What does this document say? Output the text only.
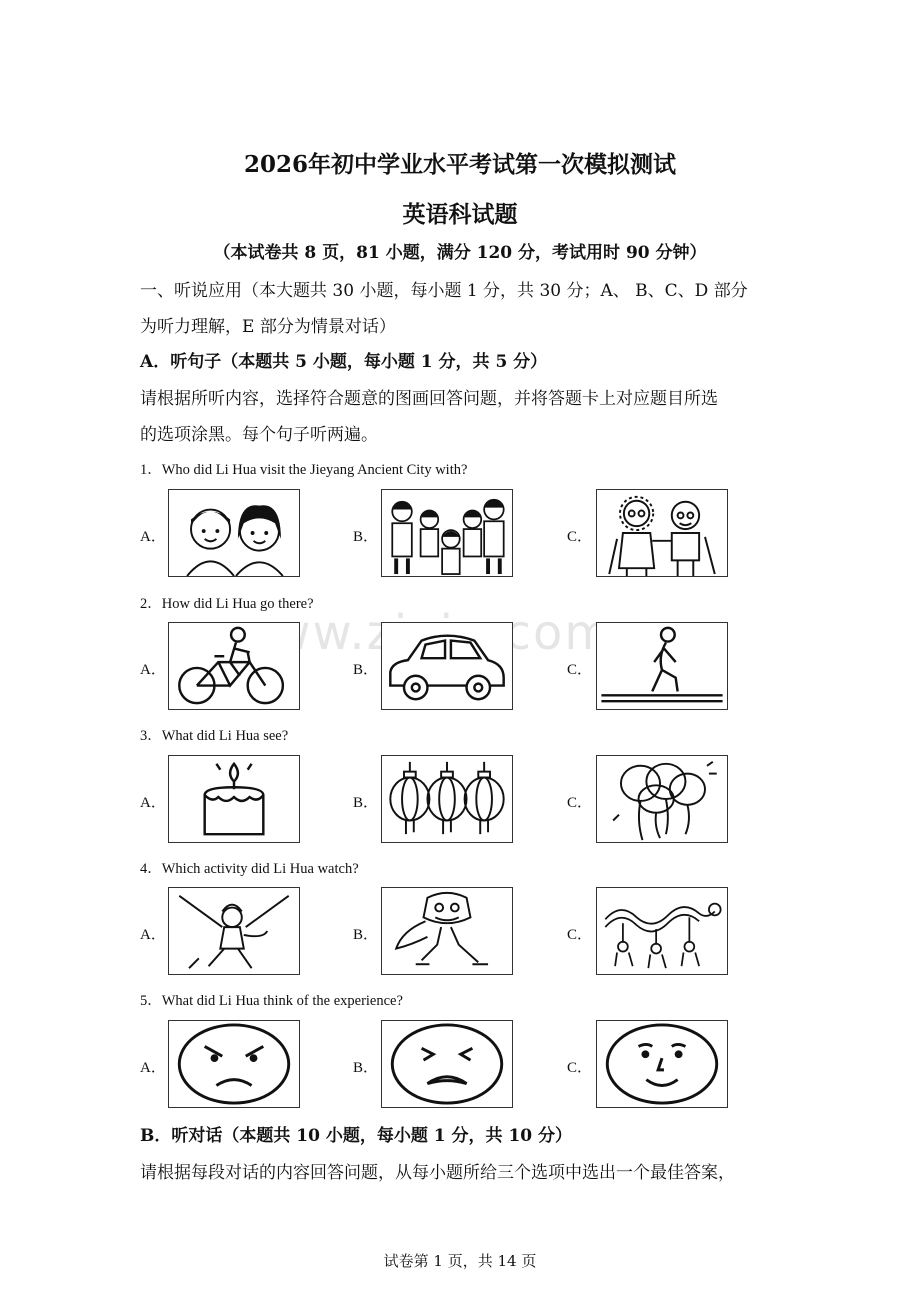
2026年初中学业水平考试第一次模拟测试
英语科试题
（本试卷共 8 页，81 小题，满分 120 分，考试用时 90 分钟）
一、听说应用（本大题共 30 小题，每小题 1 分，共 30 分；A、 B、C、D 部分
为听力理解，E 部分为情景对话）
A．听句子（本题共 5 小题，每小题 1 分，共 5 分）
请根据所听内容，选择符合题意的图画回答问题，并将答题卡上对应题目所选
的选项涂黑。每个句子听两遍。
1．Who did Li Hua visit the Jieyang Ancient City with?
A．	B．	C．
2．How did Li Hua go there?
A．	B．	C．
3．What did Li Hua see?
A．	B．	C．
4．Which activity did Li Hua watch?
A．	B．	C．
5．What did Li Hua think of the experience?
A．	B．	C．
B．听对话（本题共 10 小题，每小题 1 分，共 10 分）
请根据每段对话的内容回答问题，从每小题所给三个选项中选出一个最佳答案，
试卷第 1 页，共 14 页
